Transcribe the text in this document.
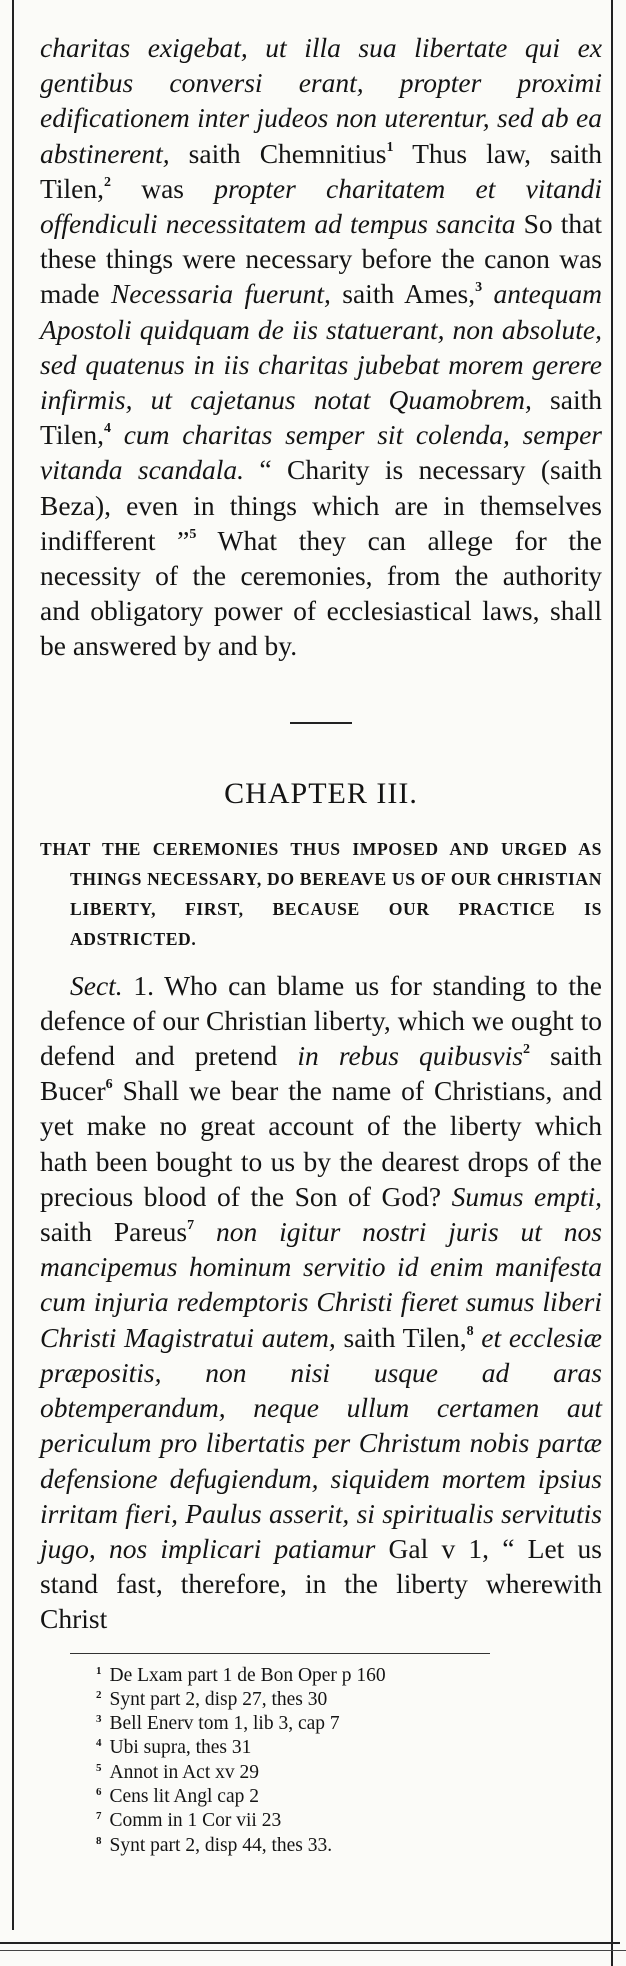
charitas exigebat, ut illa sua libertate qui ex gentibus conversi erant, propter proximi edificationem inter judeos non uterentur, sed ab ea abstinerent, saith Chemnitius$^1$ Thus law, saith Tilen,$^2$ was propter charitatem et vitandi offendiculi necessitatem ad tempus sancita So that these things were necessary before the canon was made Necessaria fuerunt, saith Ames,$^3$ antequam Apostoli quidquam de iis statuerant, non absolute, sed quatenus in iis charitas jubebat morem gerere infirmis, ut cajetanus notat Quamobrem, saith Tilen,$^4$ cum charitas semper sit colenda, semper vitanda scandala. “ Charity is necessary (saith Beza), even in things which are in themselves indifferent ”$^5$ What they can allege for the necessity of the ceremonies, from the authority and obligatory power of ecclesiastical laws, shall be answered by and by.

CHAPTER III.
THAT THE CEREMONIES THUS IMPOSED AND URGED AS THINGS NECESSARY, DO BEREAVE US OF OUR CHRISTIAN LIBERTY, FIRST, BECAUSE OUR PRACTICE IS ADSTRICTED.

Sect. 1. Who can blame us for standing to the defence of our Christian liberty, which we ought to defend and pretend in rebus quibusvis$^2$ saith Bucer$^6$ Shall we bear the name of Christians, and yet make no great account of the liberty which hath been bought to us by the dearest drops of the precious blood of the Son of God? Sumus empti, saith Pareus$^7$ non igitur nostri juris ut nos mancipemus hominum servitio id enim manifesta cum injuria redemptoris Christi fieret sumus liberi Christi Magistratui autem, saith Tilen,$^8$ et ecclesiæ præpositis, non nisi usque ad aras obtemperandum, neque ullum certamen aut periculum pro libertatis per Christum nobis partæ defensione defugiendum, siquidem mortem ipsius irritam fieri, Paulus asserit, si spiritualis servitutis jugo, nos implicari patiamur Gal v 1, “ Let us stand fast, therefore, in the liberty wherewith Christ

$^1$ De Lxam part 1 de Bon Oper p 160
$^2$ Synt part 2, disp 27, thes 30
$^3$ Bell Enerv tom 1, lib 3, cap 7
$^4$ Ubi supra, thes 31
$^5$ Annot in Act xv 29
$^6$ Cens lit Angl cap 2
$^7$ Comm in 1 Cor vii 23
$^8$ Synt part 2, disp 44, thes 33.
